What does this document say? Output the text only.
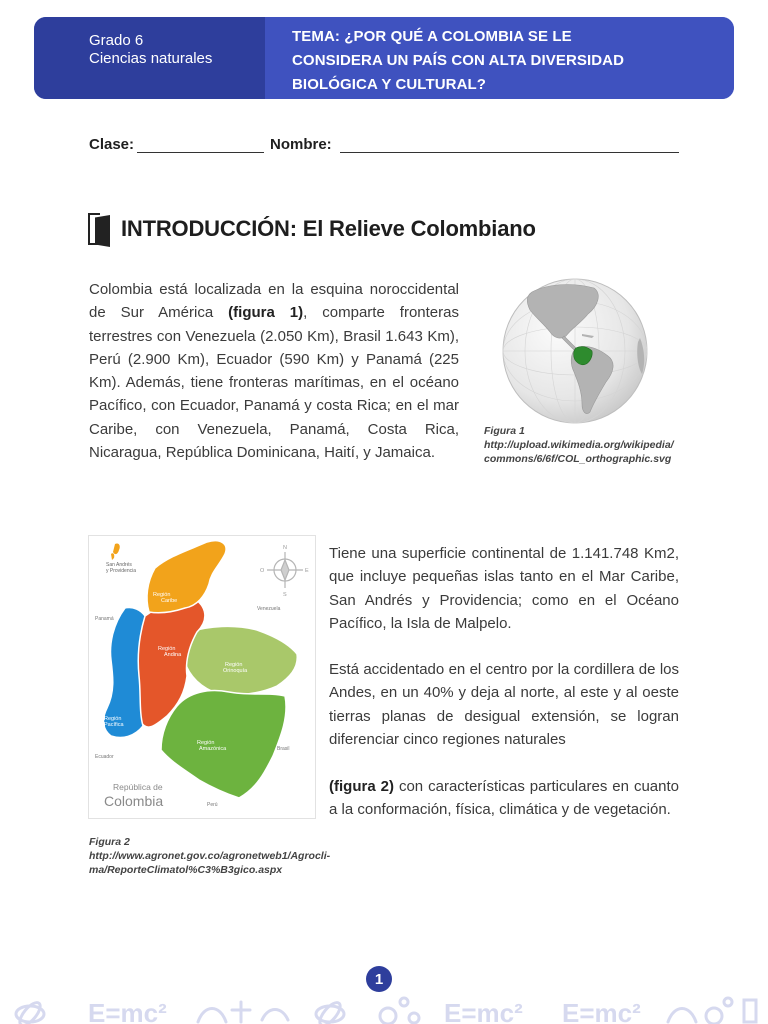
Grado 6
Ciencias naturales
TEMA: ¿POR QUÉ A COLOMBIA SE LE
CONSIDERA UN PAÍS CON ALTA DIVERSIDAD
BIOLÓGICA Y CULTURAL?
Clase:	Nombre:
INTRODUCCIÓN: El Relieve Colombiano
Colombia está localizada en la esquina noroccidental de Sur América (figura 1), comparte fronteras terrestres con Venezuela (2.050 Km), Brasil 1.643 Km), Perú (2.900 Km), Ecuador (590 Km) y Panamá (225 Km). Además, tiene fronteras marítimas, en el océano Pacífico, con Ecuador, Panamá y costa Rica; en el mar Caribe, con Venezuela, Panamá, Costa Rica, Nicaragua, República Dominicana, Haití, y Jamaica.
Figura 1
http://upload.wikimedia.org/wikipedia/
commons/6/6f/COL_orthographic.svg
N
S
E
O
San Andrés y Providencia
Región Caribe
Región Andina
Región Orinoquía
Región Pacífica
Región Amazónica
Panamá
Venezuela
Ecuador
Brasil
Perú
República de
Colombia
Figura 2
http://www.agronet.gov.co/agronetweb1/Agrocli-
ma/ReporteClimatol%C3%B3gico.aspx
Tiene una superficie continental de 1.141.748 Km2, que incluye pequeñas islas tanto en el Mar Caribe, San Andrés y Providencia; como en el Océano Pacífico, la Isla de Malpelo.
Está accidentado en el centro por la cordillera de los Andes, en un 40% y deja al norte, al este y al oeste tierras planas de desigual extensión, se logran diferenciar cinco regiones naturales
(figura 2) con características particulares en cuanto a la conformación, física, climática y de vegetación.
1
E=mc²	E=mc² E=mc²
